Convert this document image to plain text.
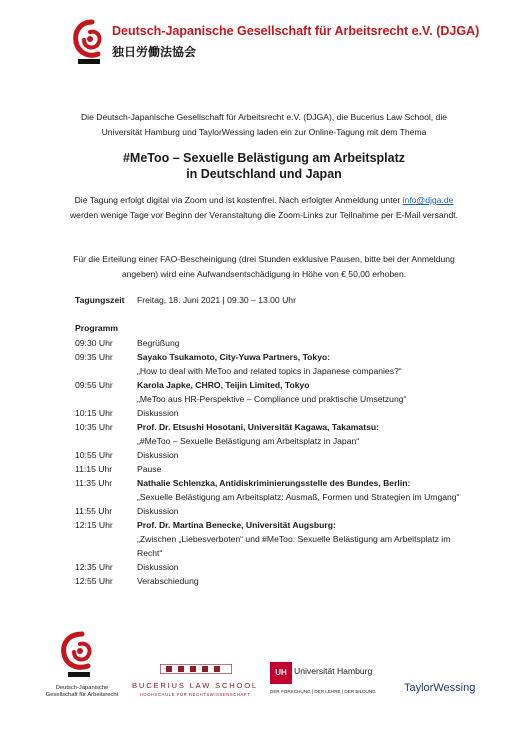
Deutsch-Japanische Gesellschaft für Arbeitsrecht e.V. (DJGA)
独日労働法協会
Die Deutsch-Japanische Gesellschaft für Arbeitsrecht e.V. (DJGA), die Bucerius Law School, die Universität Hamburg und TaylorWessing laden ein zur Online-Tagung mit dem Thema
#MeToo – Sexuelle Belästigung am Arbeitsplatz
in Deutschland und Japan
Die Tagung erfolgt digital via Zoom und ist kostenfrei. Nach erfolgter Anmeldung unter info@djga.de werden wenige Tage vor Beginn der Veranstaltung die Zoom-Links zur Teilnahme per E-Mail versandt.
Für die Erteilung einer FAO-Bescheinigung (drei Stunden exklusive Pausen, bitte bei der Anmeldung angeben) wird eine Aufwandsentschädigung in Höhe von € 50,00 erhoben.
Tagungszeit Freitag, 18. Juni 2021 | 09.30 – 13.00 Uhr
Programm
09:30 Uhr	Begrüßung
09:35 Uhr	Sayako Tsukamoto, City-Yuwa Partners, Tokyo:
„How to deal with MeToo and related topics in Japanese companies?“
09:55 Uhr	Karola Japke, CHRO, Teijin Limited, Tokyo
„MeToo aus HR-Perspektive – Compliance und praktische Umsetzung“
10:15 Uhr	Diskussion
10:35 Uhr	Prof. Dr. Etsushi Hosotani, Universität Kagawa, Takamatsu:
„#MeToo – Sexuelle Belästigung am Arbeitsplatz in Japan“
10:55 Uhr	Diskussion
11:15 Uhr	Pause
11:35 Uhr	Nathalie Schlenzka, Antidiskriminierungsstelle des Bundes, Berlin:
„Sexuelle Belästigung am Arbeitsplatz: Ausmaß, Formen und Strategien im Umgang“
11:55 Uhr	Diskussion
12:15 Uhr	Prof. Dr. Martina Benecke, Universität Augsburg:
„Zwischen „Liebesverboten“ und #MeToo: Sexuelle Belästigung am Arbeitsplatz im Recht“
12:35 Uhr	Diskussion
12:55 Uhr	Verabschiedung
Deutsch-Japanische
Gesellschaft für Arbeitsrecht
BUCERIUS LAW SCHOOL
HOCHSCHULE FÜR RECHTSWISSENSCHAFT
UH Universität Hamburg
DER FORSCHUNG | DER LEHRE | DER BILDUNG	TaylorWessing
